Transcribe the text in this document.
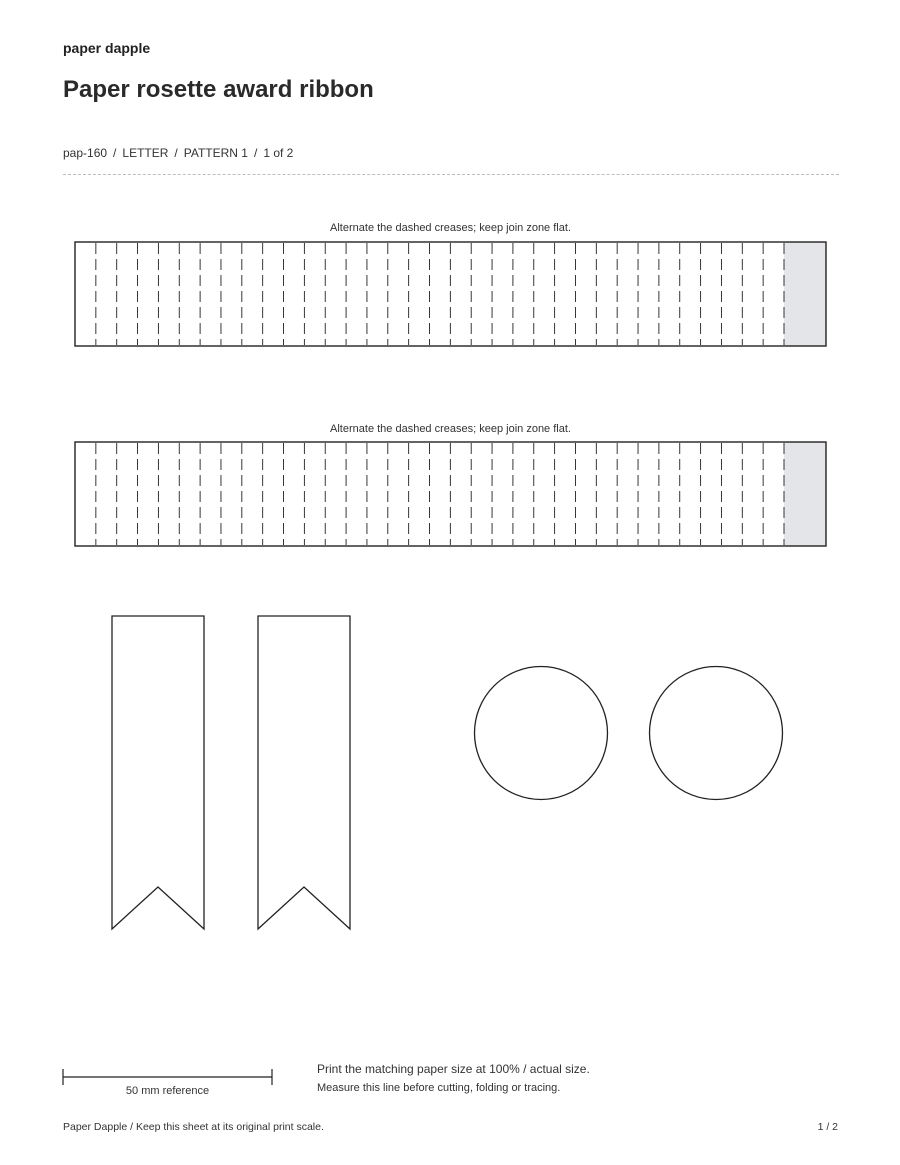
paper dapple
Paper rosette award ribbon
pap-160 / LETTER / PATTERN 1 / 1 of 2
Alternate the dashed creases; keep join zone flat.
Alternate the dashed creases; keep join zone flat.
50 mm reference
Print the matching paper size at 100% / actual size.
Measure this line before cutting, folding or tracing.
Paper Dapple / Keep this sheet at its original print scale.	1 / 2
